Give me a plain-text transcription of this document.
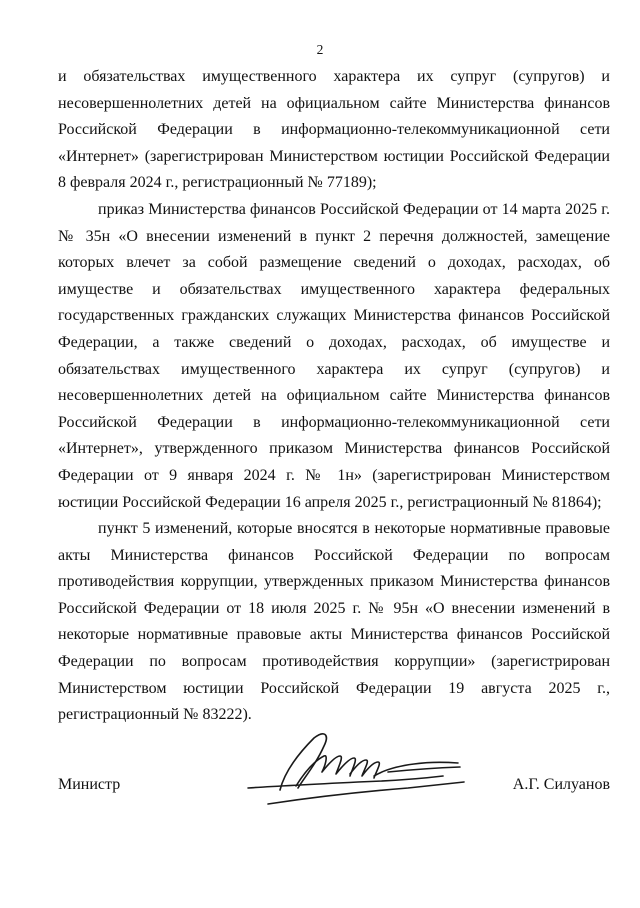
2

и обязательствах имущественного характера их супруг (супругов) и несовершеннолетних детей на официальном сайте Министерства финансов Российской Федерации в информационно-телекоммуникационной сети «Интернет» (зарегистрирован Министерством юстиции Российской Федерации 8 февраля 2024 г., регистрационный № 77189);

приказ Министерства финансов Российской Федерации от 14 марта 2025 г. № 35н «О внесении изменений в пункт 2 перечня должностей, замещение которых влечет за собой размещение сведений о доходах, расходах, об имуществе и обязательствах имущественного характера федеральных государственных гражданских служащих Министерства финансов Российской Федерации, а также сведений о доходах, расходах, об имуществе и обязательствах имущественного характера их супруг (супругов) и несовершеннолетних детей на официальном сайте Министерства финансов Российской Федерации в информационно-телекоммуникационной сети «Интернет», утвержденного приказом Министерства финансов Российской Федерации от 9 января 2024 г. № 1н» (зарегистрирован Министерством юстиции Российской Федерации 16 апреля 2025 г., регистрационный № 81864);

пункт 5 изменений, которые вносятся в некоторые нормативные правовые акты Министерства финансов Российской Федерации по вопросам противодействия коррупции, утвержденных приказом Министерства финансов Российской Федерации от 18 июля 2025 г. № 95н «О внесении изменений в некоторые нормативные правовые акты Министерства финансов Российской Федерации по вопросам противодействия коррупции» (зарегистрирован Министерством юстиции Российской Федерации 19 августа 2025 г., регистрационный № 83222).

Министр	А.Г. Силуанов
